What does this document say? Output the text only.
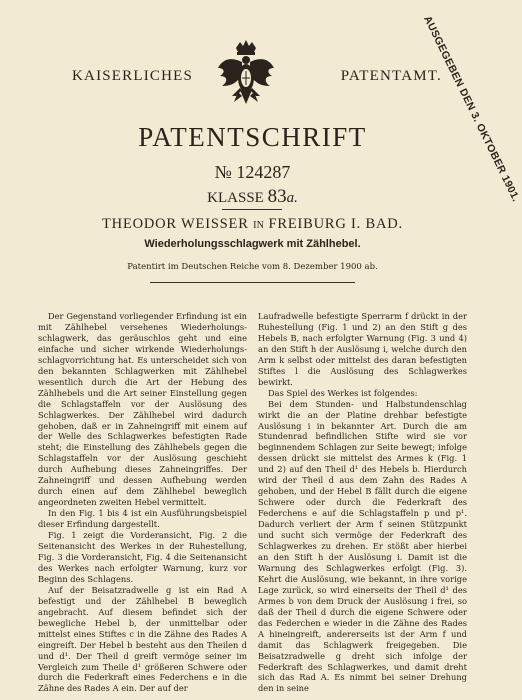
AUSGEGEBEN DEN 3. OKTOBER 1901.
KAISERLICHES	PATENTAMT.
PATENTSCHRIFT
№ 124287
KLASSE 83a.
THEODOR WEISSER IN FREIBURG I. BAD.
Wiederholungsschlagwerk mit Zählhebel.
Patentirt im Deutschen Reiche vom 8. Dezember 1900 ab.

Der Gegenstand vorliegender Erfindung ist ein mit Zählhebel versehenes Wiederholungs-schlagwerk, das geräuschlos geht und eine einfache und sicher wirkende Wiederholungs-schlagvorrichtung hat. Es unterscheidet sich von den bekannten Schlagwerken mit Zählhebel wesentlich durch die Art der Hebung des Zählhebels und die Art seiner Einstellung gegen die Schlagstaffeln vor der Auslösung des Schlagwerkes. Der Zählhebel wird dadurch gehoben, daß er in Zahneingriff mit einem auf der Welle des Schlagwerkes befestigten Rade steht; die Einstellung des Zählhebels gegen die Schlagstaffeln vor der Auslösung geschieht durch Aufhebung dieses Zahneingriffes. Der Zahneingriff und dessen Aufhebung werden durch einen auf dem Zählhebel beweglich angeordneten zweiten Hebel vermittelt.

In den Fig. 1 bis 4 ist ein Ausführungsbeispiel dieser Erfindung dargestellt.

Fig. 1 zeigt die Vorderansicht, Fig. 2 die Seitenansicht des Werkes in der Ruhestellung, Fig. 3 die Vorderansicht, Fig. 4 die Seitenansicht des Werkes nach erfolgter Warnung, kurz vor Beginn des Schlagens.

Auf der Beisatzradwelle g ist ein Rad A befestigt und der Zählhebel B beweglich angebracht. Auf diesem befindet sich der bewegliche Hebel b, der unmittelbar oder mittelst eines Stiftes c in die Zähne des Rades A eingreift. Der Hebel b besteht aus den Theilen d und d¹. Der Theil d greift vermöge seiner im Vergleich zum Theile d¹ größeren Schwere oder durch die Federkraft eines Federchens e in die Zähne des Rades A ein. Der auf der

Laufradwelle befestigte Sperrarm f drückt in der Ruhestellung (Fig. 1 und 2) an den Stift g des Hebels B, nach erfolgter Warnung (Fig. 3 und 4) an den Stift h der Auslösung i, welche durch den Arm k selbst oder mittelst des daran befestigten Stiftes l die Auslösung des Schlagwerkes bewirkt.

Das Spiel des Werkes ist folgendes:

Bei dem Stunden- und Halbstundenschlag wirkt die an der Platine drehbar befestigte Auslösung i in bekannter Art. Durch die am Stundenrad befindlichen Stifte wird sie vor beginnendem Schlagen zur Seite bewegt; infolge dessen drückt sie mittelst des Armes k (Fig. 1 und 2) auf den Theil d¹ des Hebels b. Hierdurch wird der Theil d aus dem Zahn des Rades A gehoben, und der Hebel B fällt durch die eigene Schwere oder durch die Federkraft des Federchens e auf die Schlagstaffeln p und p¹. Dadurch verliert der Arm f seinen Stützpunkt und sucht sich vermöge der Federkraft des Schlagwerkes zu drehen. Er stößt aber hierbei an den Stift h der Auslösung i. Damit ist die Warnung des Schlagwerkes erfolgt (Fig. 3). Kehrt die Auslösung, wie bekannt, in ihre vorige Lage zurück, so wird einerseits der Theil d¹ des Armes b von dem Druck der Auslösung i frei, so daß der Theil d durch die eigene Schwere oder das Federchen e wieder in die Zähne des Rades A hineingreift, andererseits ist der Arm f und damit das Schlagwerk freigegeben. Die Beisatzradwelle g dreht sich infolge der Federkraft des Schlagwerkes, und damit dreht sich das Rad A. Es nimmt bei seiner Drehung den in seine
